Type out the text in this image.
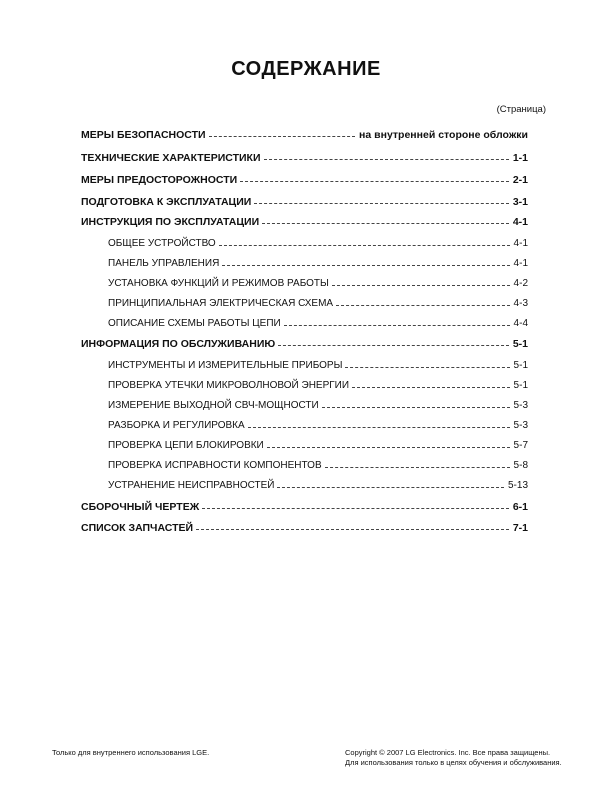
СОДЕРЖАНИЕ
(Страница)
МЕРЫ БЕЗОПАСНОСТИ	на внутренней стороне обложки
ТЕХНИЧЕСКИЕ ХАРАКТЕРИСТИКИ	1-1
МЕРЫ ПРЕДОСТОРОЖНОСТИ	2-1
ПОДГОТОВКА К ЭКСПЛУАТАЦИИ	3-1
ИНСТРУКЦИЯ ПО ЭКСПЛУАТАЦИИ	4-1
ОБЩЕЕ УСТРОЙСТВО	4-1
ПАНЕЛЬ УПРАВЛЕНИЯ	4-1
УСТАНОВКА ФУНКЦИЙ И РЕЖИМОВ РАБОТЫ	4-2
ПРИНЦИПИАЛЬНАЯ ЭЛЕКТРИЧЕСКАЯ СХЕМА	4-3
ОПИСАНИЕ СХЕМЫ РАБОТЫ ЦЕПИ	4-4
ИНФОРМАЦИЯ ПО ОБСЛУЖИВАНИЮ	5-1
ИНСТРУМЕНТЫ И ИЗМЕРИТЕЛЬНЫЕ ПРИБОРЫ	5-1
ПРОВЕРКА УТЕЧКИ МИКРОВОЛНОВОЙ ЭНЕРГИИ	5-1
ИЗМЕРЕНИЕ ВЫХОДНОЙ СВЧ-МОЩНОСТИ	5-3
РАЗБОРКА И РЕГУЛИРОВКА	5-3
ПРОВЕРКА ЦЕПИ БЛОКИРОВКИ	5-7
ПРОВЕРКА ИСПРАВНОСТИ КОМПОНЕНТОВ	5-8
УСТРАНЕНИЕ НЕИСПРАВНОСТЕЙ	5-13
СБОРОЧНЫЙ ЧЕРТЕЖ	6-1
СПИСОК ЗАПЧАСТЕЙ	7-1
Только для внутреннего использования LGE.	Copyright © 2007 LG Electronics. Inc. Все права защищены.
Для использования только в целях обучения и обслуживания.
